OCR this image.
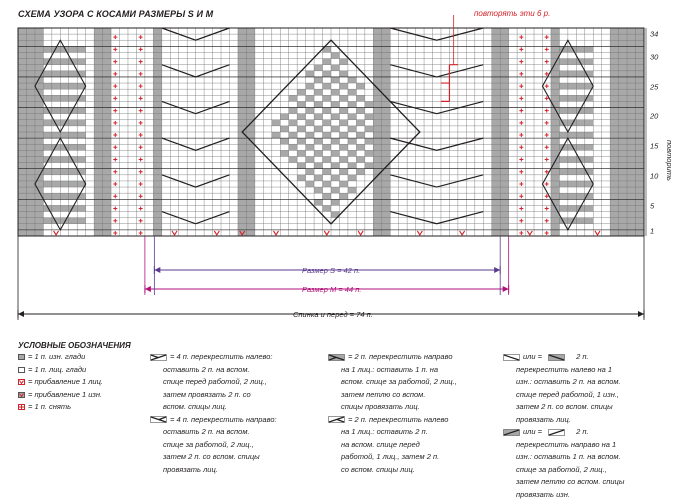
СХЕМА УЗОРА С КОСАМИ РАЗМЕРЫ S И M	повторять эти 6 р.
34
30
25
20
15
10
5
1
повторить
Размер S = 42 п.
Размер M = 44 п.
Спинка и перед = 74 п.
УСЛОВНЫЕ ОБОЗНАЧЕНИЯ
= 1 п. изн. глади
= 1 п. лиц. глади
= прибавление 1 лиц.
= прибавление 1 изн.
= 1 п. снять
= 4 п. перекрестить налево:
оставить 2 п. на вспом.
спице перед работой, 2 лиц.,
затем провязать 2 п. со
вспом. спицы лиц.
= 4 п. перекрестить направо:
оставить 2 п. на вспом.
спице за работой, 2 лиц.,
затем 2 п. со вспом. спицы
провязать лиц.
= 2 п. перекрестить направо
на 1 лиц.: оставить 1 п. на
вспом. спице за работой, 2 лиц.,
затем петлю со вспом.
спицы провязать лиц.
= 2 п. перекрестить налево
на 1 лиц.: оставить 2 п.
на вспом. спице перед
работой, 1 лиц., затем 2 п.
со вспом. спицы лиц.
или =	2 п.
перекрестить налево на 1
изн.: оставить 2 п. на вспом.
спице перед работой, 1 изн.,
затем 2 п. со вспом. спицы
провязать лиц.
или =	2 п.
перекрестить направо на 1
изн.: оставить 1 п. на вспом.
спице за работой, 2 лиц.,
затем петлю со вспом. спицы
провязать изн.
